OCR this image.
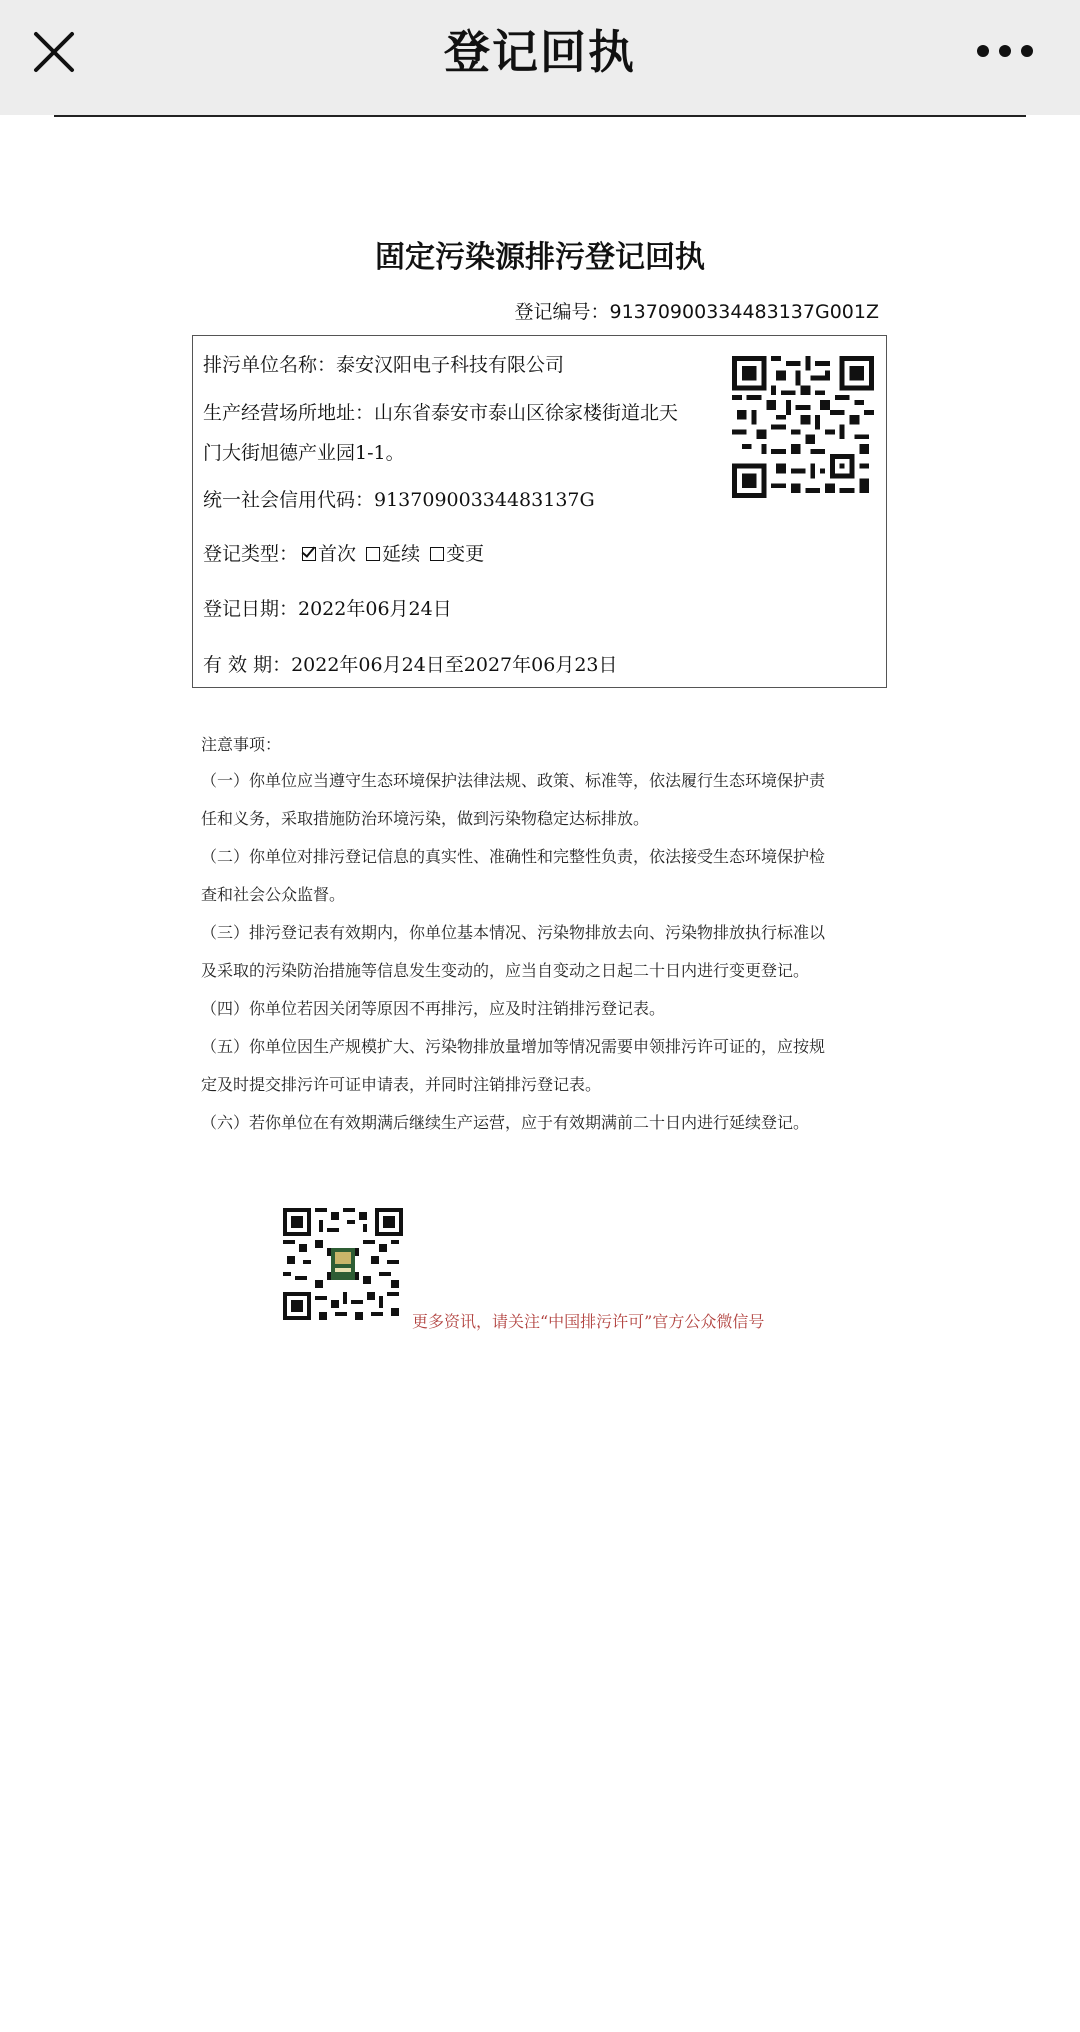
登记回执
固定污染源排污登记回执
登记编号：91370900334483137G001Z
排污单位名称：泰安汉阳电子科技有限公司
生产经营场所地址：山东省泰安市泰山区徐家楼街道北天
门大街旭德产业园1-1。
统一社会信用代码：91370900334483137G
登记类型： 首次 延续 变更
登记日期：2022年06月24日
有 效 期：2022年06月24日至2027年06月23日
注意事项：
（一）你单位应当遵守生态环境保护法律法规、政策、标准等，依法履行生态环境保护责
任和义务，采取措施防治环境污染，做到污染物稳定达标排放。
（二）你单位对排污登记信息的真实性、准确性和完整性负责，依法接受生态环境保护检
查和社会公众监督。
（三）排污登记表有效期内，你单位基本情况、污染物排放去向、污染物排放执行标准以
及采取的污染防治措施等信息发生变动的，应当自变动之日起二十日内进行变更登记。
（四）你单位若因关闭等原因不再排污，应及时注销排污登记表。
（五）你单位因生产规模扩大、污染物排放量增加等情况需要申领排污许可证的，应按规
定及时提交排污许可证申请表，并同时注销排污登记表。
（六）若你单位在有效期满后继续生产运营，应于有效期满前二十日内进行延续登记。
更多资讯，请关注“中国排污许可”官方公众微信号
